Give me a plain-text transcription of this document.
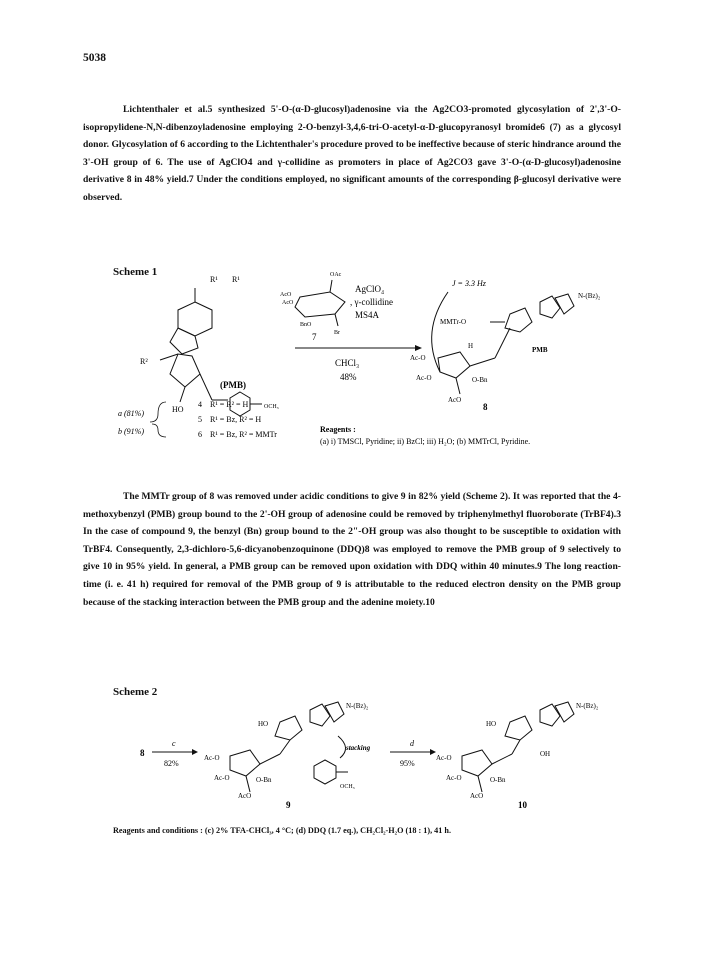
5038
Lichtenthaler et al.5 synthesized 5'-O-(α-D-glucosyl)adenosine via the Ag2CO3-promoted glycosylation of 2',3'-O-isopropylidene-N,N-dibenzoyladenosine employing 2-O-benzyl-3,4,6-tri-O-acetyl-α-D-glucopyranosyl bromide6 (7) as a glycosyl donor. Glycosylation of 6 according to the Lichtenthaler's procedure proved to be ineffective because of steric hindrance around the 3'-OH group of 6. The use of AgClO4 and γ-collidine as promoters in place of Ag2CO3 gave 3'-O-(α-D-glucosyl)adenosine derivative 8 in 48% yield.7 Under the conditions employed, no significant amounts of the corresponding β-glucosyl derivative were observed.
Scheme 1
R¹ R¹
R²
HO	OCH₃
(PMB)
4 R¹ = R² = H
5 R¹ = Bz, R² = H
6 R¹ = Bz, R² = MMTr
a (81%)
b (91%)
OAc
AcO
AcO
BnO
Br
7
AgClO₄
, γ-collidine
MS4A
CHCl₃
48%
J = 3.3 Hz
MMTr-O
N-(Bz)₂
H	PMB
Ac-O
Ac-O
AcO
O-Bn
8
Reagents :
(a) i) TMSCl, Pyridine; ii) BzCl; iii) H₂O; (b) MMTrCl, Pyridine.
The MMTr group of 8 was removed under acidic conditions to give 9 in 82% yield (Scheme 2). It was reported that the 4-methoxybenzyl (PMB) group bound to the 2'-OH group of adenosine could be removed by triphenylmethyl fluoroborate (TrBF4).3 In the case of compound 9, the benzyl (Bn) group bound to the 2"-OH group was also thought to be susceptible to oxidation with TrBF4. Consequently, 2,3-dichloro-5,6-dicyanobenzoquinone (DDQ)8 was employed to remove the PMB group of 9 selectively to give 10 in 95% yield. In general, a PMB group can be removed upon oxidation with DDQ within 40 minutes.9 The long reaction-time (i. e. 41 h) required for removal of the PMB group of 9 is attributable to the reduced electron density on the PMB group because of the stacking interaction between the PMB group and the adenine moiety.10
Scheme 2
8
c
82%
stacking
HO
N-(Bz)₂
Ac-O
Ac-O
AcO
O-Bn
OCH₃
9
d
95%
HO
N-(Bz)₂
OH
Ac-O
Ac-O
AcO
O-Bn
10
Reagents and conditions : (c) 2% TFA-CHCl₃, 4 °C; (d) DDQ (1.7 eq.), CH₂Cl₂-H₂O (18 : 1), 41 h.
